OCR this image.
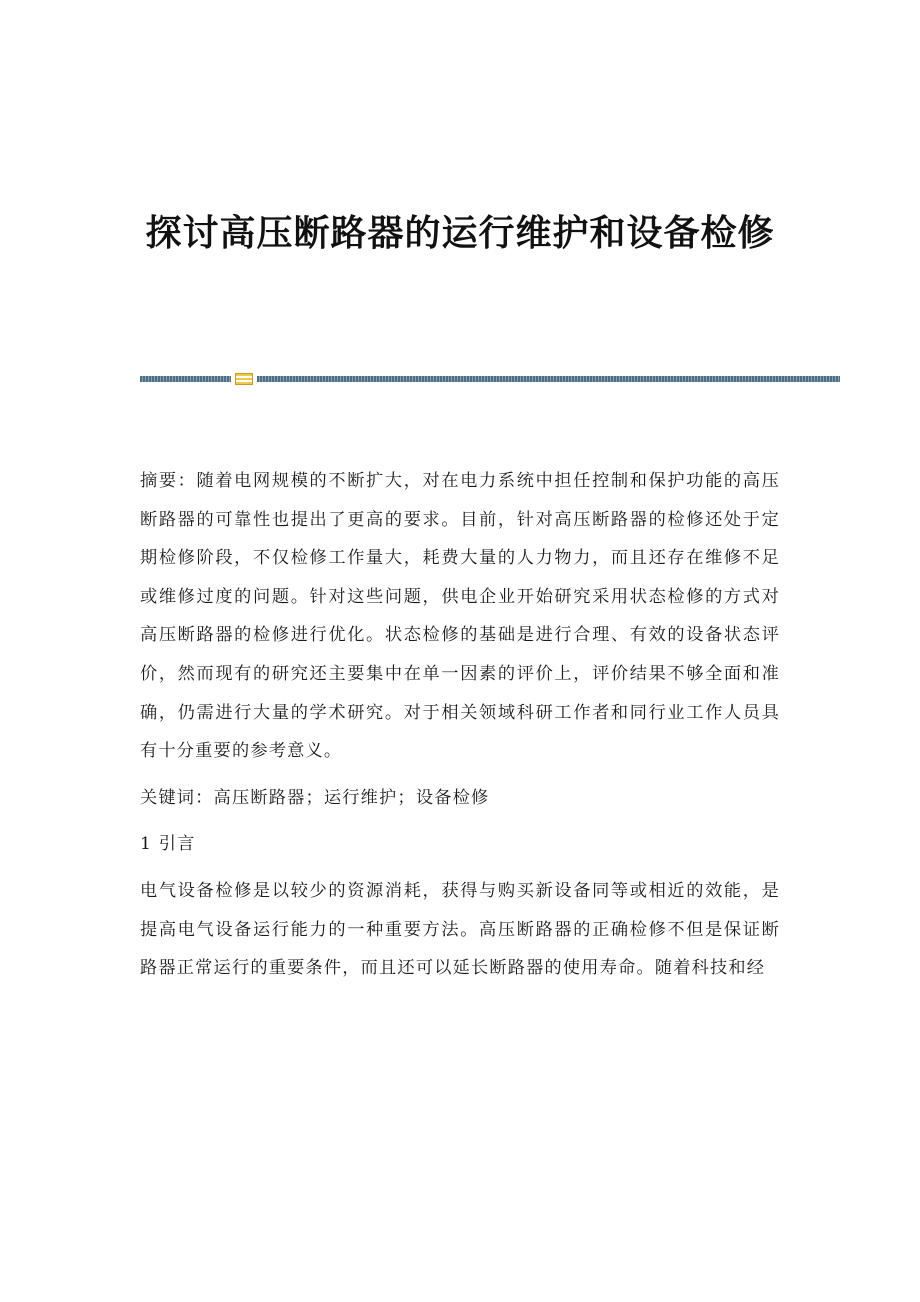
探讨高压断路器的运行维护和设备检修

摘要：随着电网规模的不断扩大，对在电力系统中担任控制和保护功能的高压断路器的可靠性也提出了更高的要求。目前，针对高压断路器的检修还处于定期检修阶段，不仅检修工作量大，耗费大量的人力物力，而且还存在维修不足或维修过度的问题。针对这些问题，供电企业开始研究采用状态检修的方式对高压断路器的检修进行优化。状态检修的基础是进行合理、有效的设备状态评价，然而现有的研究还主要集中在单一因素的评价上，评价结果不够全面和准确，仍需进行大量的学术研究。对于相关领域科研工作者和同行业工作人员具有十分重要的参考意义。

关键词：高压断路器；运行维护；设备检修

1 引言

电气设备检修是以较少的资源消耗，获得与购买新设备同等或相近的效能，是提高电气设备运行能力的一种重要方法。高压断路器的正确检修不但是保证断路器正常运行的重要条件，而且还可以延长断路器的使用寿命。随着科技和经
